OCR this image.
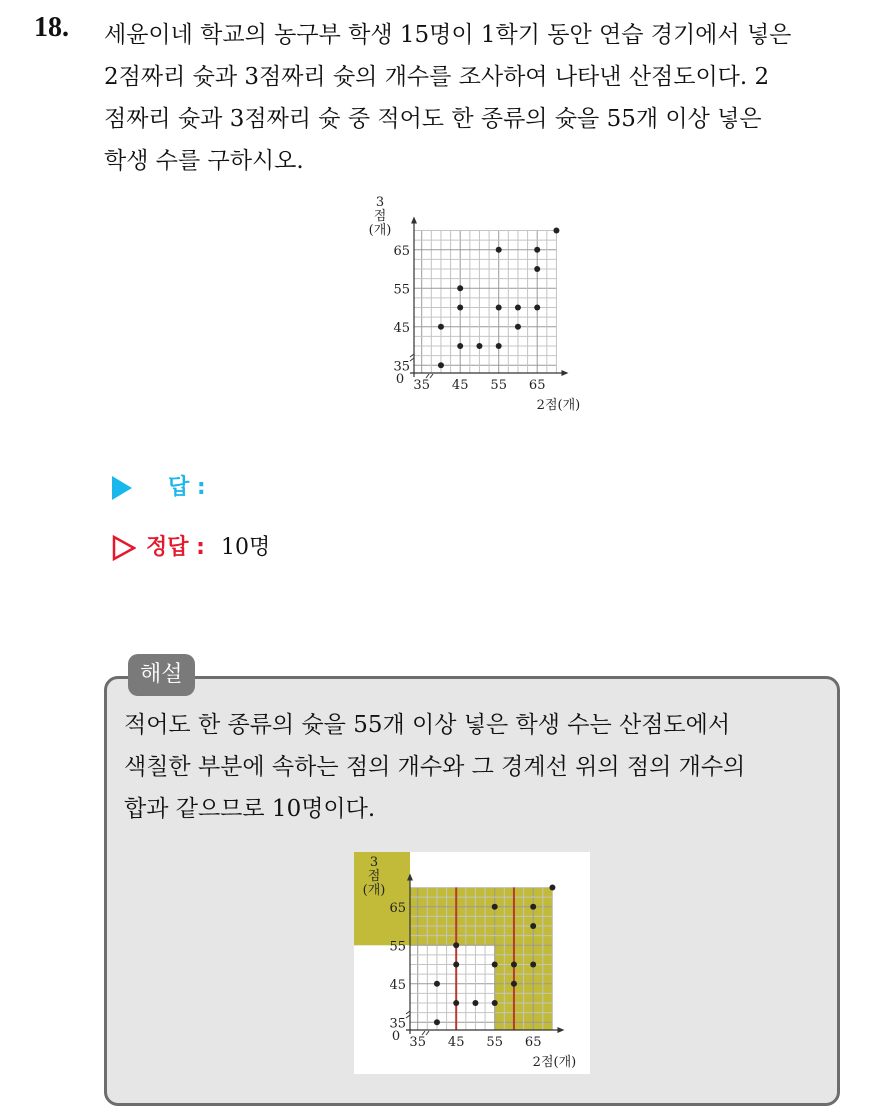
18. 세윤이네 학교의 농구부 학생 15명이 1학기 동안 연습 경기에서 넣은
2점짜리 슛과 3점짜리 슛의 개수를 조사하여 나타낸 산점도이다. 2
점짜리 슛과 3점짜리 슛 중 적어도 한 종류의 슛을 55개 이상 넣은
학생 수를 구하시오.
35 45 55 65
35
45
55
65
0
2점(개)
3
점
(개)
답 :
정답 : 10명
해설
적어도 한 종류의 슛을 55개 이상 넣은 학생 수는 산점도에서
색칠한 부분에 속하는 점의 개수와 그 경계선 위의 점의 개수의
합과 같으므로 10명이다.
35 45 55 65
35
45
55
65
0
2점(개)
3
점
(개)
